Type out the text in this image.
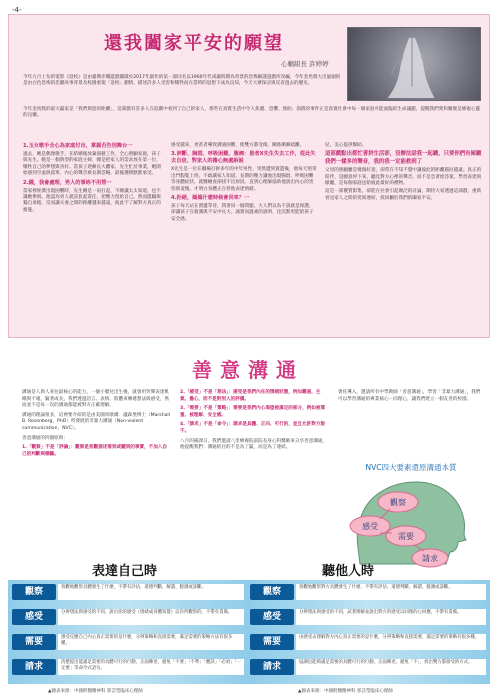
-4-
還我闔家平安的願望
心輔組長 許婷婷

今年九月上旬的電影《返校》是由臺灣赤燭遊戲團隊於2017年創作的第一部同名以1960年代戒嚴時期為背景的恐怖解謎遊戲所改編，今年金馬獎大出風頭的是由白色恐怖的悲劇故事背景及校園重現「返校」劇情，描述許多人受害和犧牲而在當時的思想下成為良知，今天大眾探討與反省過去的歷史。

今年金馬獎的最大贏家是「我們與惡的距離」，這部戲有許多人在追劇中看到了自己的家人，那些在真實生活中令人焦慮、恐懼、無助、崩潰的事件正是真實社會中每一個家庭可能面臨的生命議題，提醒我們愛和關懷是修復心靈的良藥。

1.玉女歌手全心為家庭付出，掌握否告別舞台一

過去，她是偶像歌手，在結婚後放棄演藝工作，全心照顧家庭，孩子與先生。她是一個典型的家庭主婦，總是把家人的需求放在第一位，犧牲自己的夢想與喜好。當孩子逐漸長大離家、先生忙於事業，她開始感到空虛與孤單，內心的聲音被長期忽略，最後選擇默默承受。

2.錢，我會處理，男人的事妳不用管一

當家裡經濟出現困難時，先生總是一肩扛起，不願讓太太知道，也不讓她參與。他認為男人就該負起責任，把壓力留給自己。然而隱瞞與獨自承擔，反而讓夫妻之間的距離越來越遠，彼此不了解對方真正的擔憂。

感受越來，更甚者導致溝通困難，使雙方都受傷，關係漸漸疏離。

3.評斷、胸悶、呼吸困難、腹痛：患者X先生失去工作，從此失去自信，對家人的擔心無處訴說

X先生是一位在職場打拼多年的中年男性，突然遭到資遣後，他每天照常出門假裝上班，不敢讓家人知道。長期的壓力讓他出現胸悶、呼吸困難等身體症狀，就醫檢查卻找不出原因。直到心理師協助他說出內心的害怕與羞愧，才明白身體正在替他表達情緒。

4.拒絕，媽媽什麼時候會回來？一

孩子每天站在窗邊等待，問著同一個問題。大人們以為不說就是保護，卻讓孩子在猜測與不安中長大。誠實而溫柔的說明，比沉默更能給孩子安全感。

兒，美心提供幫助。

這部戲點出都忙著拼生活卻，沒辦法話我一起聽，只要你們有傾聽我們一樣多的聲音，我的我一定能救到了

父母的照顧雖是幾個好意，卻常在不知不覺中讓彼此的距離越拉越遠。真正的陪伴，是願意停下來，聽見對方心裡的聲音，而不是急著給答案。學習表達與傾聽，是每個家庭送給彼此最好的禮物。

這是一部優質影集，卻能在社會引起廣泛的討論，期待大家透過這部戲，重新看見家人之間的愛與連結，找回屬於我們的闔家平安。

善意溝通

溝通是人與人來往最核心的能力，一個小嬰兒出生後，就會用哭聲表達飢餓與不適，隨著成長，我們透過語言、表情、肢體來傳遞想法與感受，然而並不是每一次的溝通都能被對方正確理解。

溝通的理論很多，這裡要介紹的是由美國馬歇爾．盧森堡博士（Marshall B. Rosenberg，PhD）所發展的非暴力溝通（Non-violent communication，NVC）。

善意溝通的四個原則：

1.「觀察」不是「評論」：觀察是客觀描述看到或聽到的事實，不加入自己的判斷與標籤。

2.「感受」不是「想法」：感受是我們內在的情緒狀態，例如難過、生氣、擔心，而不是對別人的評價。

3.「需要」不是「策略」：需要是我們內心渴望被滿足的部分，例如被尊重、被理解、安全感。

4.「請求」不是「命令」：請求是具體、正向、可行的，並且允許對方說不。

八月的備課日，我們邀請八里療養院前院長身心科醫師來分享善意溝通，他提醒我們：溝通的目的不是為了贏，而是為了連結。

會化導入，邀請所有中學教師「善意溝通」，學習「非暴力溝通」，我們可以學習溝通的專業核心－同理心，讓我們建立一個友善的校園。

NVC四大要素還原溝通本質
觀察
感受
需要
請求
表達自己時	聽他人時
觀察	客觀地觀察具體發生了什麼，不帶有評估、道德判斷、解讀、臆測或診斷。	觀察	客觀地觀察對方具體發生了什麼，不帶有評估、道德判斷、解讀、臆測或診斷。
感受	分辨想法與感受的不同，說出你的感受（情緒或身體知覺）以你所觀察的，不帶有責備。	感受	分辨想法與感受的不同，試著理解並說出對方的感受以同理的心回應，不帶有責備。
需要	感受反應自己內心真正需要的是什麼，分辨策略和直接需要，滿足需要的策略方法有很多種。	需要	由感受去理解對方內心真正需要的是什麼，分辨策略和直接需要，滿足需要的策略有很多種。
請求	清楚提出能滿足需要的具體可行的行動，正面陳述，避免「不要」「不準」「應該」「必須」「一定要」等命令式語句。	請求	協調出能夠滿足需要的具體可行的行動，正面陳述，避免「不」，找出雙方都接受的方式。
▲圖表來源：中國附醫精神科 郭芸瑩臨床心理師	▲圖表來源：中國附醫精神科 郭芸瑩臨床心理師
